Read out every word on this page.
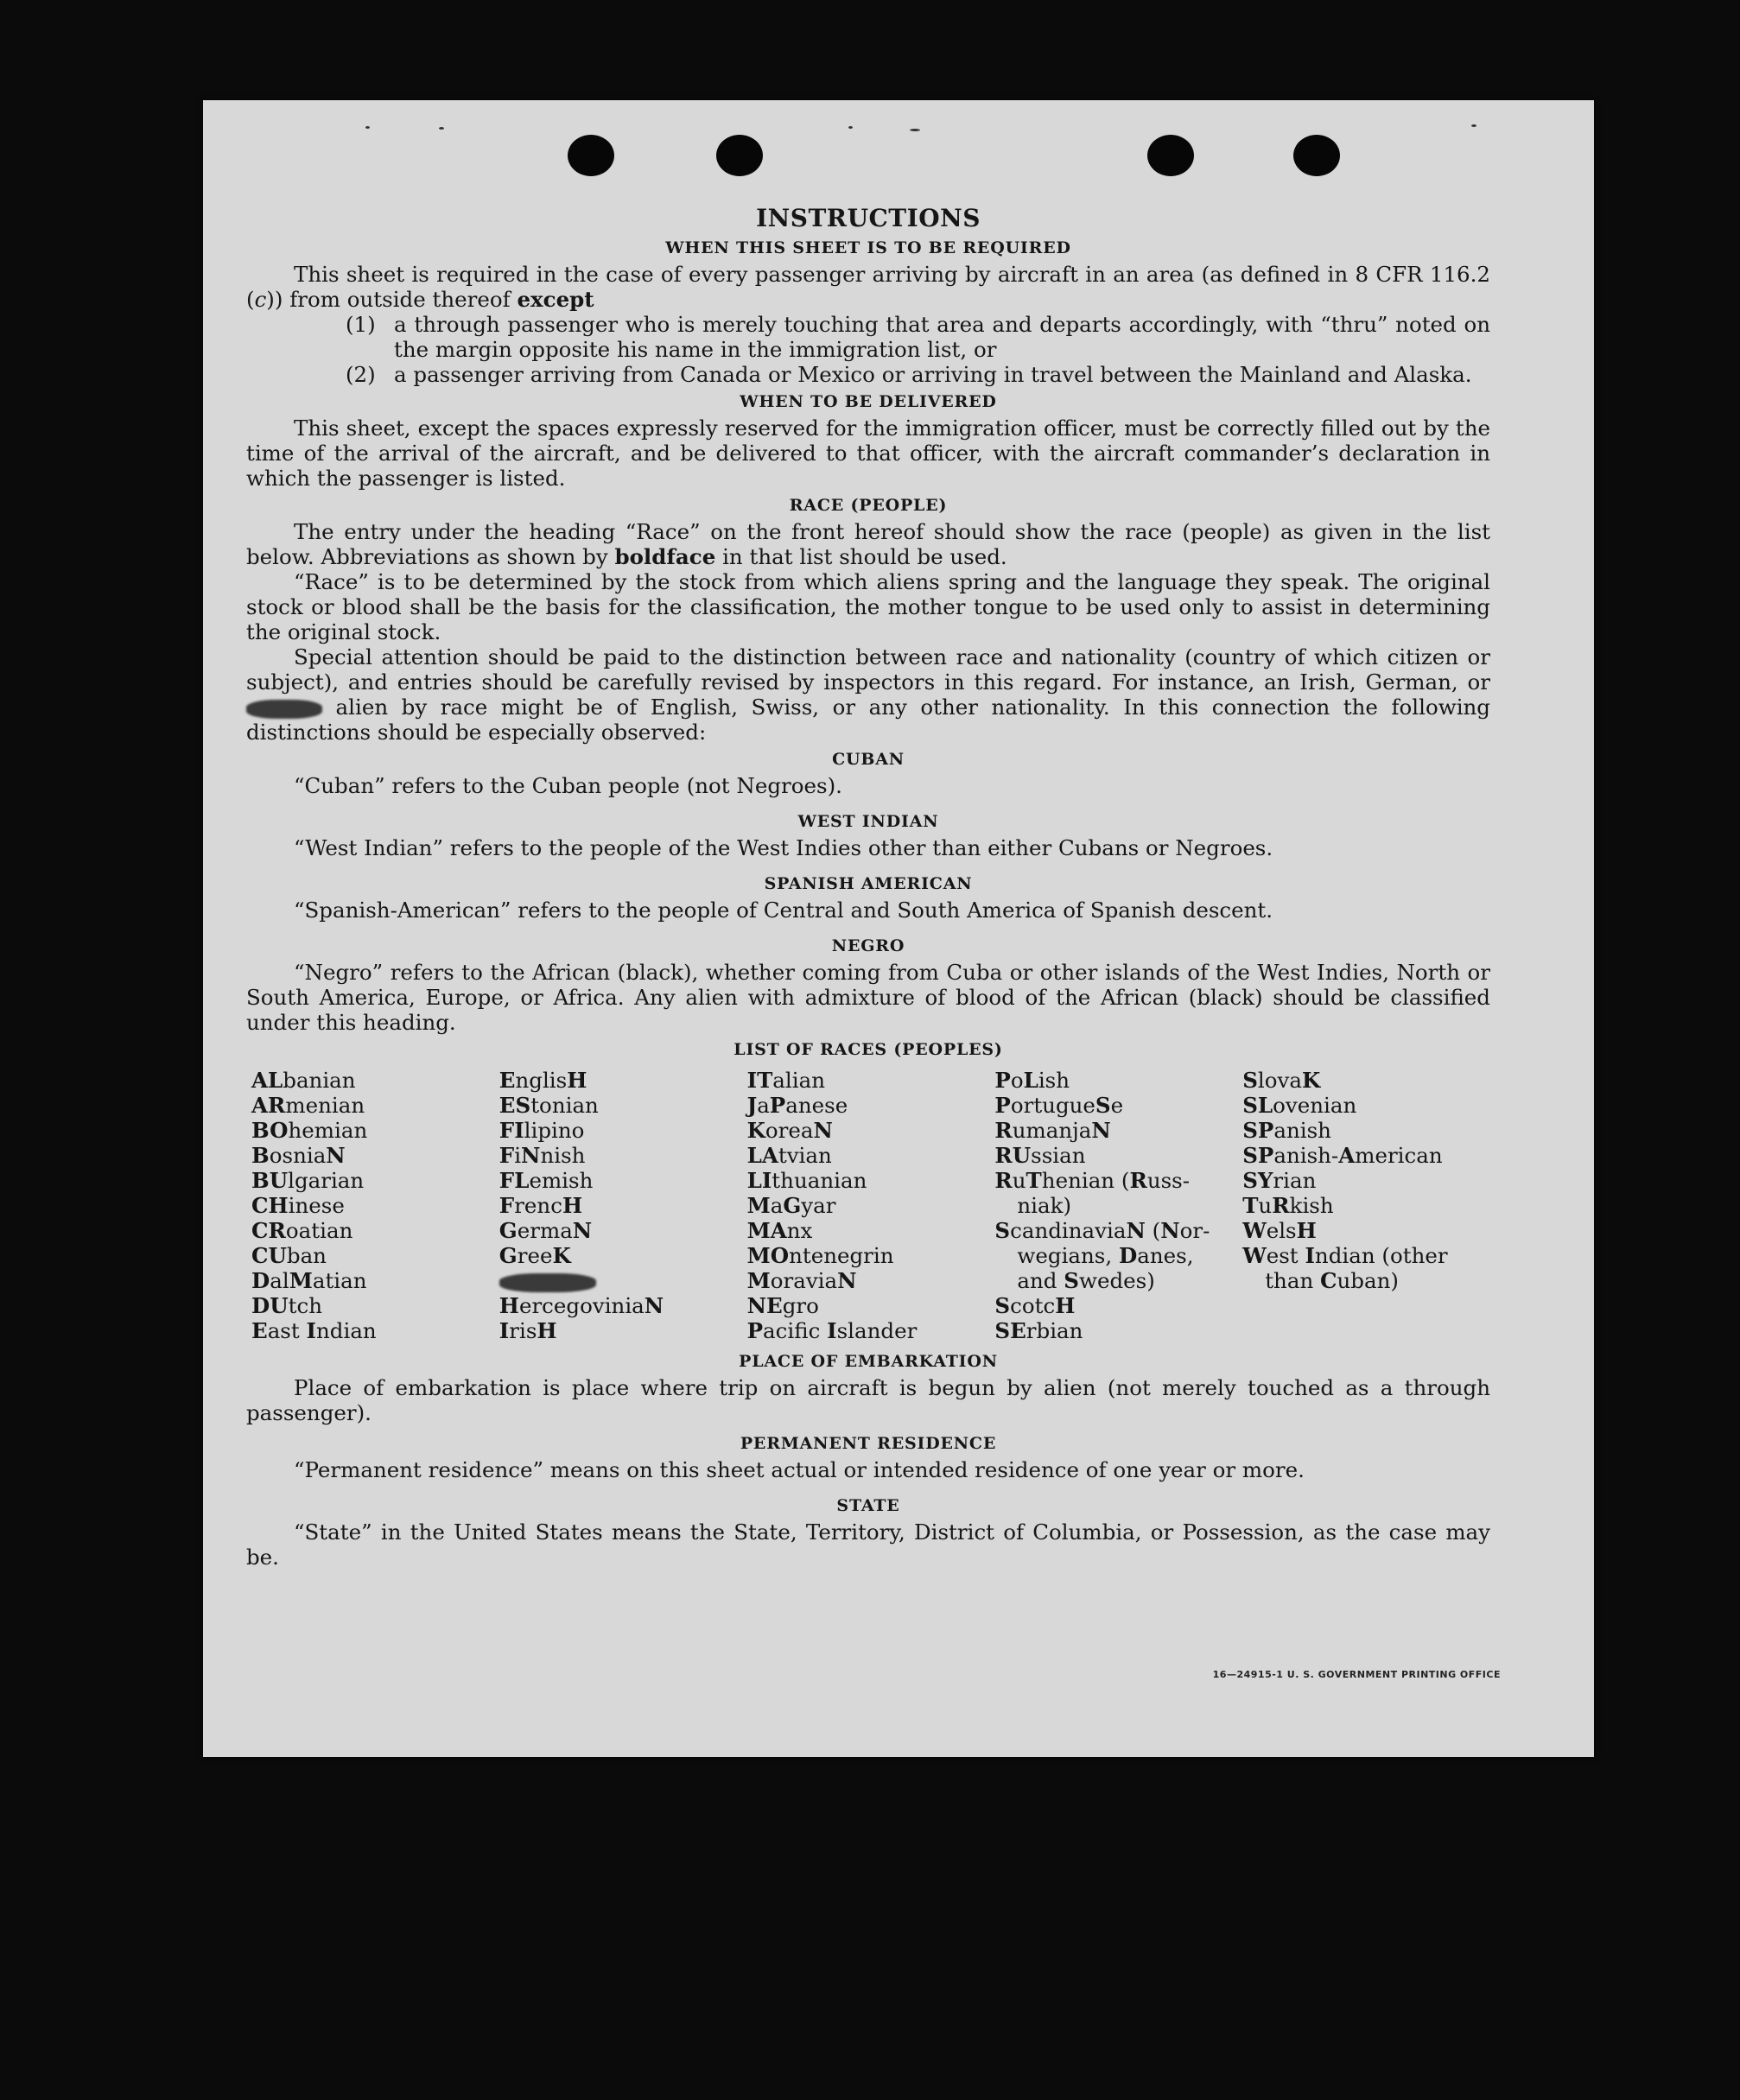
INSTRUCTIONS
WHEN THIS SHEET IS TO BE REQUIRED

This sheet is required in the case of every passenger arriving by aircraft in an area (as defined in 8 CFR 116.2 (c)) from outside thereof except

(1) a through passenger who is merely touching that area and departs accordingly, with “thru” noted on the margin opposite his name in the immigration list, or
(2) a passenger arriving from Canada or Mexico or arriving in travel between the Mainland and Alaska.
WHEN TO BE DELIVERED

This sheet, except the spaces expressly reserved for the immigration officer, must be correctly filled out by the time of the arrival of the aircraft, and be delivered to that officer, with the aircraft commander’s declaration in which the passenger is listed.

RACE (PEOPLE)

The entry under the heading “Race” on the front hereof should show the race (people) as given in the list below. Abbreviations as shown by boldface in that list should be used.

“Race” is to be determined by the stock from which aliens spring and the language they speak. The original stock or blood shall be the basis for the classification, the mother tongue to be used only to assist in determining the original stock.

Special attention should be paid to the distinction between race and nationality (country of which citizen or subject), and entries should be carefully revised by inspectors in this regard. For instance, an Irish, German, or  alien by race might be of English, Swiss, or any other nationality. In this connection the following distinctions should be especially observed:

CUBAN

“Cuban” refers to the Cuban people (not Negroes).

WEST INDIAN

“West Indian” refers to the people of the West Indies other than either Cubans or Negroes.

SPANISH AMERICAN

“Spanish-American” refers to the people of Central and South America of Spanish descent.

NEGRO

“Negro” refers to the African (black), whether coming from Cuba or other islands of the West Indies, North or South America, Europe, or Africa. Any alien with admixture of blood of the African (black) should be classified under this heading.

LIST OF RACES (PEOPLES)
ALbanian
ARmenian
BOhemian
BosniaN
BUlgarian
CHinese
CRoatian
CUban
DalMatian
DUtch
East Indian
EnglisH
EStonian
FIlipino
FiNnish
FLemish
FrencH
GermaN
GreeK
HercegoviniaN
IrisH
ITalian
JaPanese
KoreaN
LAtvian
LIthuanian
MaGyar
MAnx
MOntenegrin
MoraviaN
NEgro
Pacifc Islander
PoLish
PortugueSe
RumanjaN
RUssian
RuThenian (Russ-
niak)
ScandinaviaN (Nor-
wegians, Danes,
and Swedes)
ScotcH
SErbian
SlovaK
SLovenian
SPanish
SPanish-American
SYrian
TuRkish
WelsH
West Indian (other
than Cuban)
PLACE OF EMBARKATION

Place of embarkation is place where trip on aircraft is begun by alien (not merely touched as a through passenger).

PERMANENT RESIDENCE

“Permanent residence” means on this sheet actual or intended residence of one year or more.

STATE

“State” in the United States means the State, Territory, District of Columbia, or Possession, as the case may be.

16—24915-1 U. S. GOVERNMENT PRINTING OFFICE
